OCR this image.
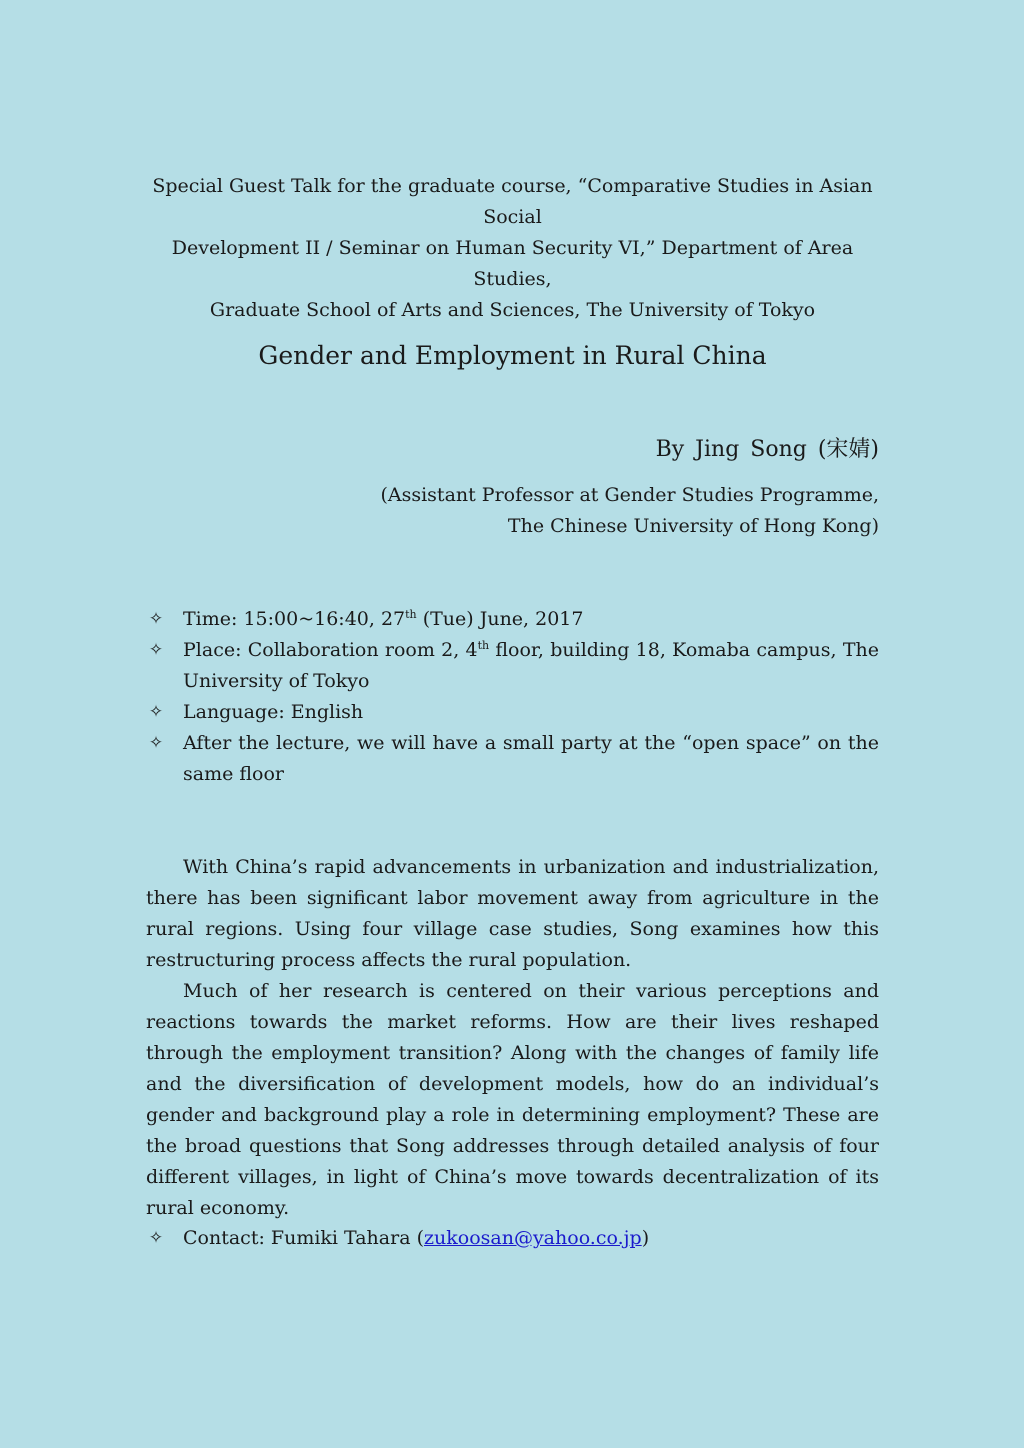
Special Guest Talk for the graduate course, “Comparative Studies in Asian Social
Development II / Seminar on Human Security VI,” Department of Area Studies,
Graduate School of Arts and Sciences, The University of Tokyo
Gender and Employment in Rural China
By Jing Song (宋婧)
(Assistant Professor at Gender Studies Programme,
The Chinese University of Hong Kong)
✧ Time: 15:00~16:40, 27th (Tue) June, 2017
✧ Place: Collaboration room 2, 4th floor, building 18, Komaba campus, The University of Tokyo
✧ Language: English
✧ After the lecture, we will have a small party at the “open space” on the same floor

With China’s rapid advancements in urbanization and industrialization, there has been significant labor movement away from agriculture in the rural regions. Using four village case studies, Song examines how this restructuring process affects the rural population.

Much of her research is centered on their various perceptions and reactions towards the market reforms. How are their lives reshaped through the employment transition? Along with the changes of family life and the diversification of development models, how do an individual’s gender and background play a role in determining employment? These are the broad questions that Song addresses through detailed analysis of four different villages, in light of China’s move towards decentralization of its rural economy.

✧ Contact: Fumiki Tahara (zukoosan@yahoo.co.jp)
